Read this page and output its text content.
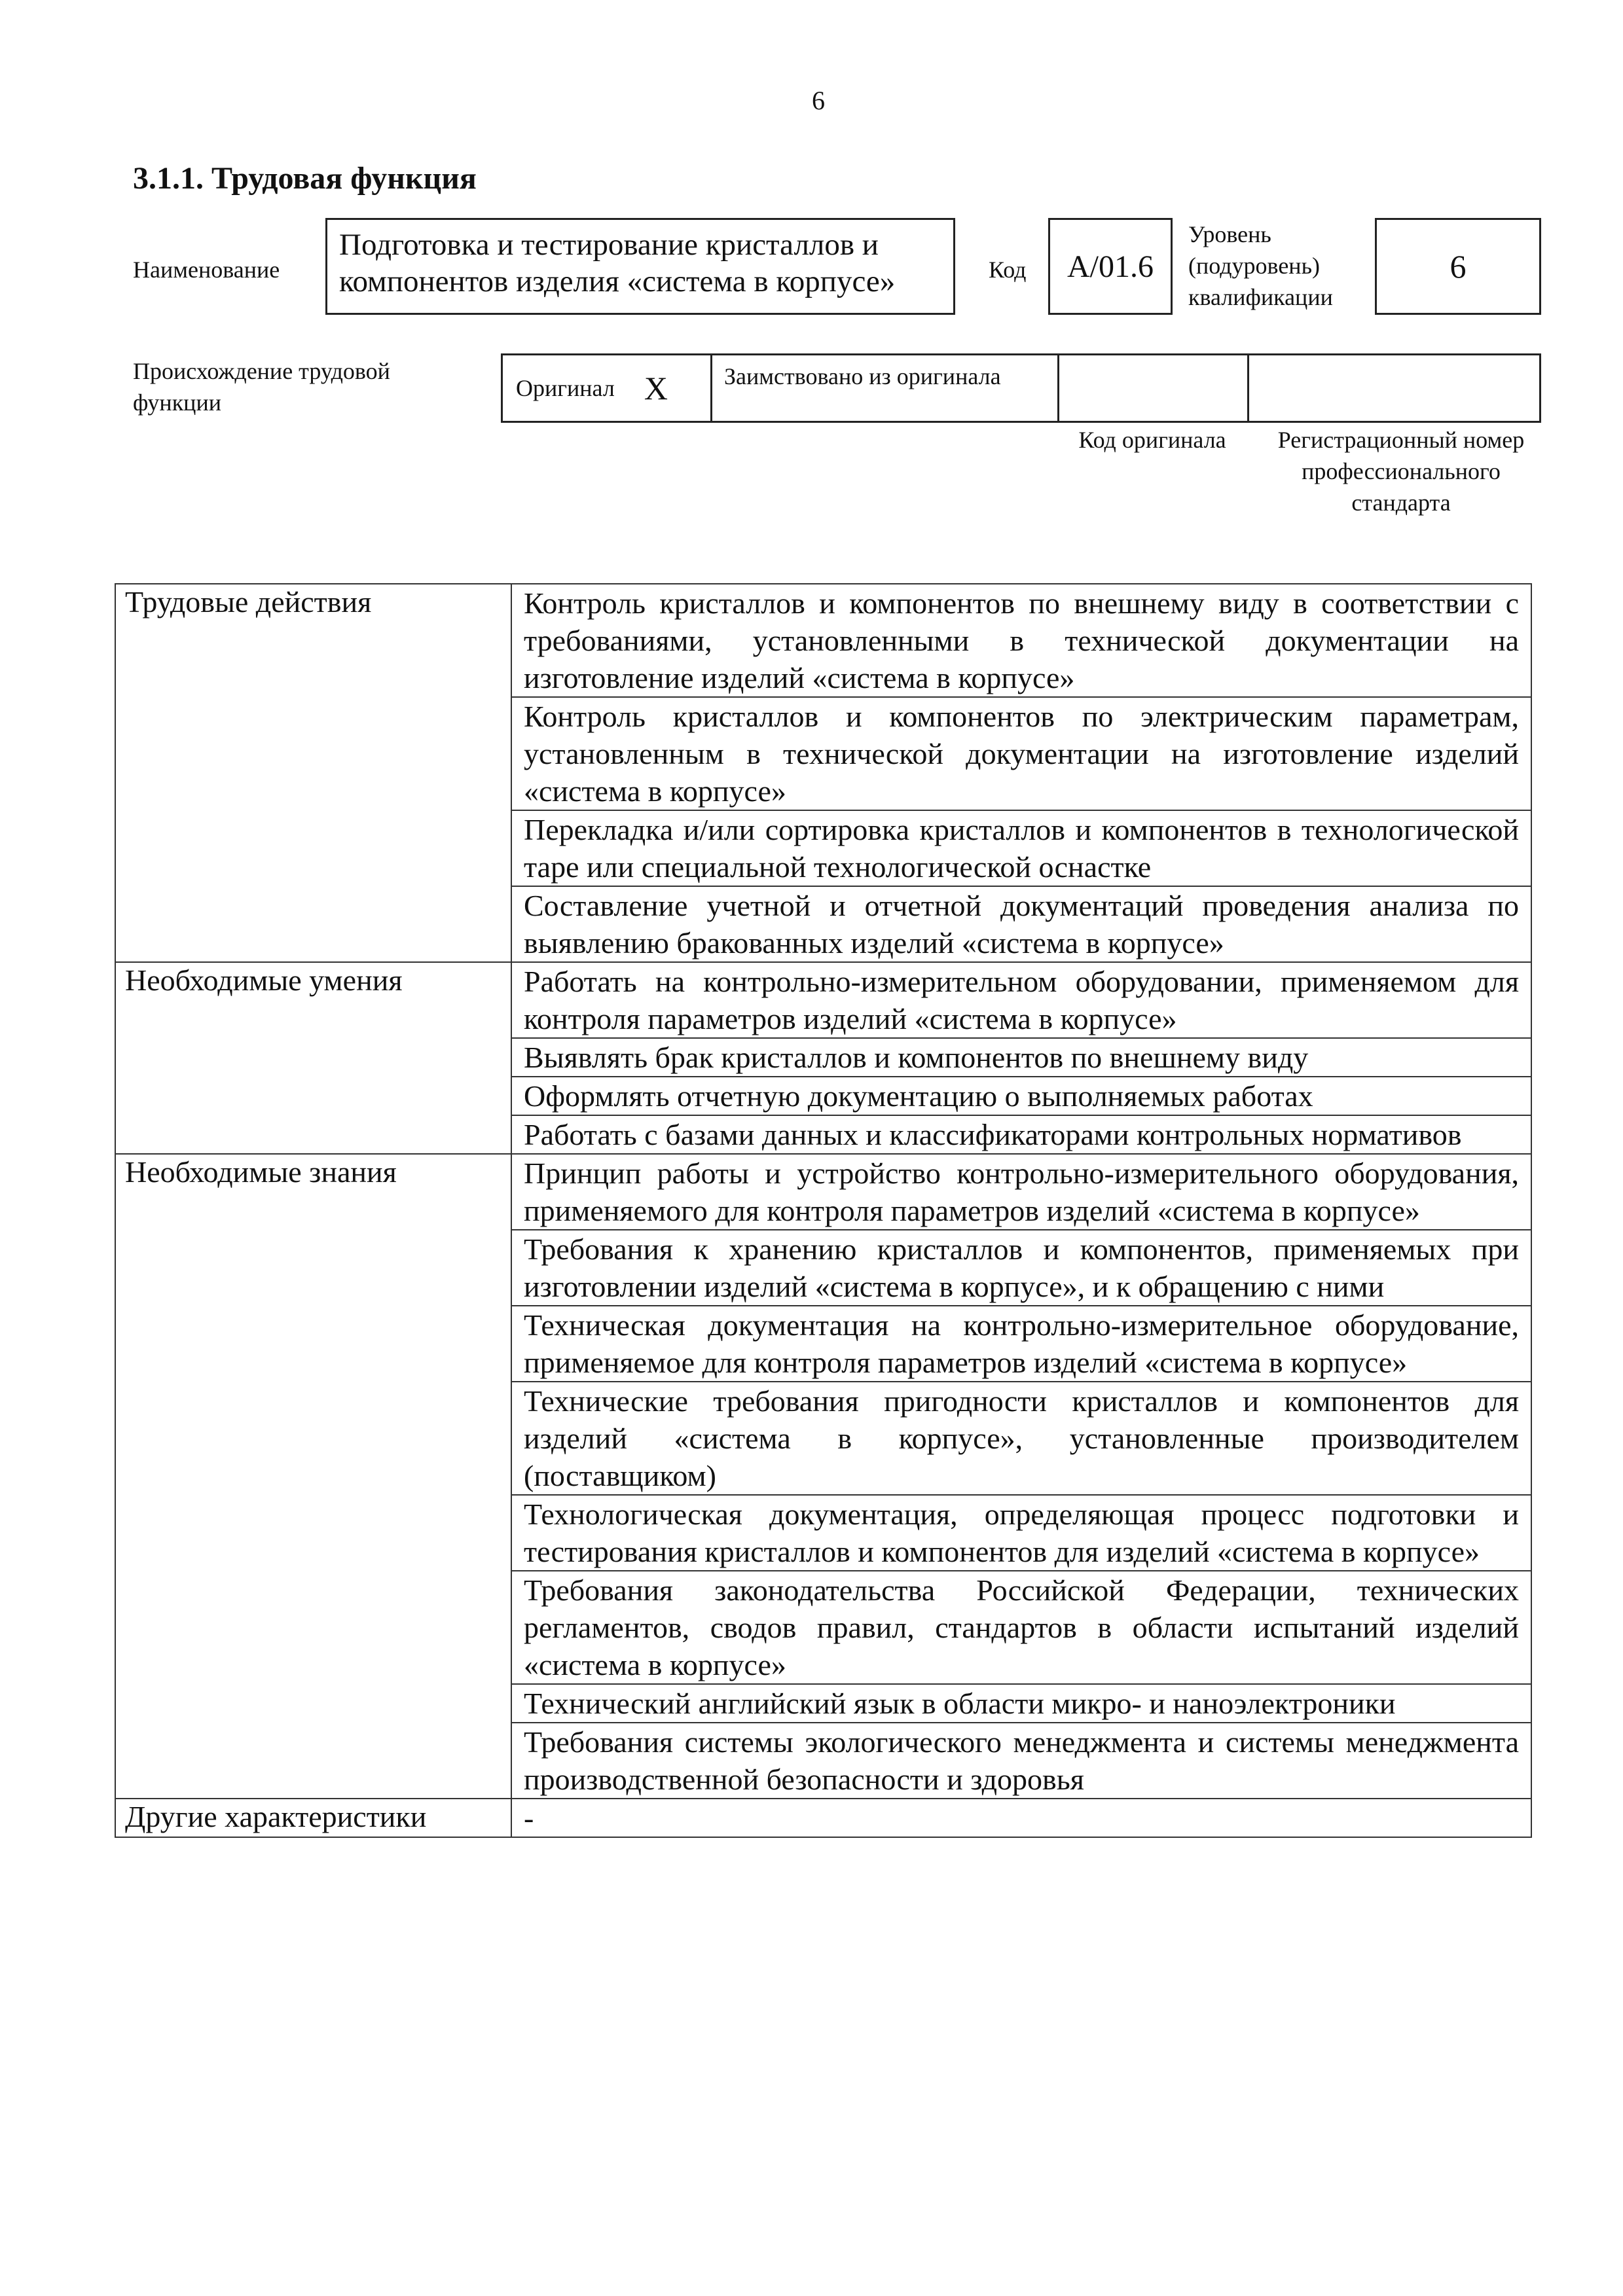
6
3.1.1. Трудовая функция
Наименование
Подготовка и тестирование кристаллов и компонентов изделия «система в корпусе»	Код	А/01.6
Уровень
(подуровень)
квалификации
6
Происхождение трудовой функции
Оригинал X	Заимствовано из оригинала
Код оригинала	Регистрационный номер профессионального стандарта
Трудовые действия	Контроль кристаллов и компонентов по внешнему виду в соответствии с требованиями, установленными в технической документации на изготовление изделий «система в корпусе»
	Контроль кристаллов и компонентов по электрическим параметрам, установленным в технической документации на изготовление изделий «система в корпусе»
	Перекладка и/или сортировка кристаллов и компонентов в технологической таре или специальной технологической оснастке
	Составление учетной и отчетной документаций проведения анализа по выявлению бракованных изделий «система в корпусе»
Необходимые умения	Работать на контрольно-измерительном оборудовании, применяемом для контроля параметров изделий «система в корпусе»
	Выявлять брак кристаллов и компонентов по внешнему виду
	Оформлять отчетную документацию о выполняемых работах
	Работать с базами данных и классификаторами контрольных нормативов
Необходимые знания	Принцип работы и устройство контрольно-измерительного оборудования, применяемого для контроля параметров изделий «система в корпусе»
	Требования к хранению кристаллов и компонентов, применяемых при изготовлении изделий «система в корпусе», и к обращению с ними
	Техническая документация на контрольно-измерительное оборудование, применяемое для контроля параметров изделий «система в корпусе»
	Технические требования пригодности кристаллов и компонентов для изделий «система в корпусе», установленные производителем (поставщиком)
	Технологическая документация, определяющая процесс подготовки и тестирования кристаллов и компонентов для изделий «система в корпусе»
	Требования законодательства Российской Федерации, технических регламентов, сводов правил, стандартов в области испытаний изделий «система в корпусе»
	Технический английский язык в области микро- и наноэлектроники
	Требования системы экологического менеджмента и системы менеджмента производственной безопасности и здоровья
Другие характеристики	-
